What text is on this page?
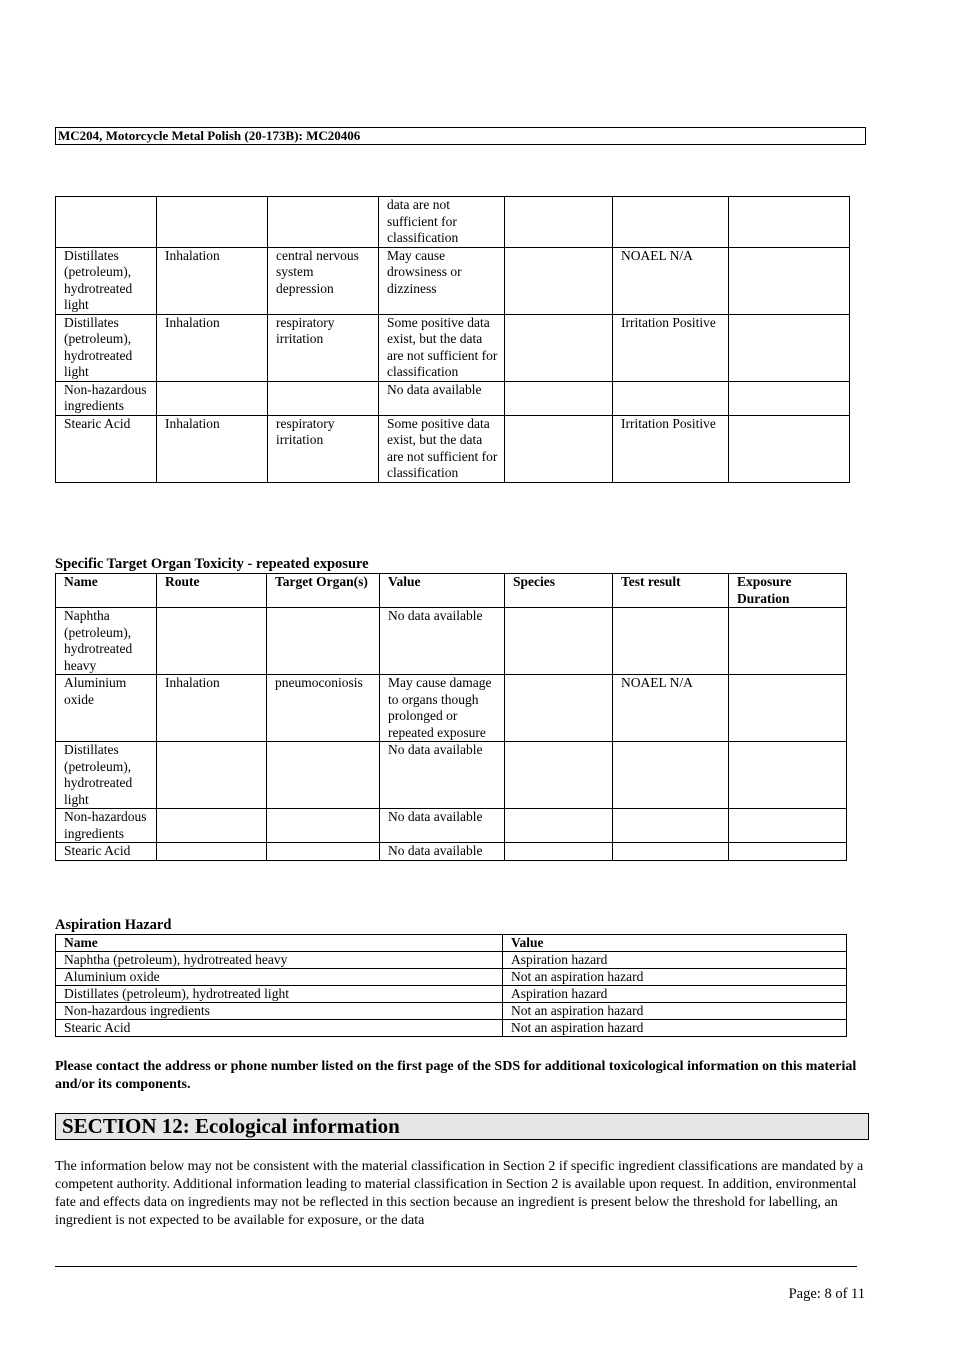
MC204, Motorcycle Metal Polish (20-173B): MC20406
			data are not sufficient for classification			
Distillates (petroleum), hydrotreated light	Inhalation	central nervous system depression	May cause drowsiness or dizziness		NOAEL N/A	
Distillates (petroleum), hydrotreated light	Inhalation	respiratory irritation	Some positive data exist, but the data are not sufficient for classification		Irritation Positive	
Non-hazardous ingredients			No data available			
Stearic Acid	Inhalation	respiratory irritation	Some positive data exist, but the data are not sufficient for classification		Irritation Positive	
Specific Target Organ Toxicity - repeated exposure
Name	Route	Target Organ(s)	Value	Species	Test result	Exposure Duration
Naphtha (petroleum), hydrotreated heavy			No data available			
Aluminium oxide	Inhalation	pneumoconiosis	May cause damage to organs though prolonged or repeated exposure		NOAEL N/A	
Distillates (petroleum), hydrotreated light			No data available			
Non-hazardous ingredients			No data available			
Stearic Acid			No data available			
Aspiration Hazard
Name	Value
Naphtha (petroleum), hydrotreated heavy	Aspiration hazard
Aluminium oxide	Not an aspiration hazard
Distillates (petroleum), hydrotreated light	Aspiration hazard
Non-hazardous ingredients	Not an aspiration hazard
Stearic Acid	Not an aspiration hazard
Please contact the address or phone number listed on the first page of the SDS for additional toxicological information on this material and/or its components.
SECTION 12: Ecological information
The information below may not be consistent with the material classification in Section 2 if specific ingredient classifications are mandated by a competent authority. Additional information leading to material classification in Section 2 is available upon request. In addition, environmental fate and effects data on ingredients may not be reflected in this section because an ingredient is present below the threshold for labelling, an ingredient is not expected to be available for exposure, or the data
Page: 8 of 11
